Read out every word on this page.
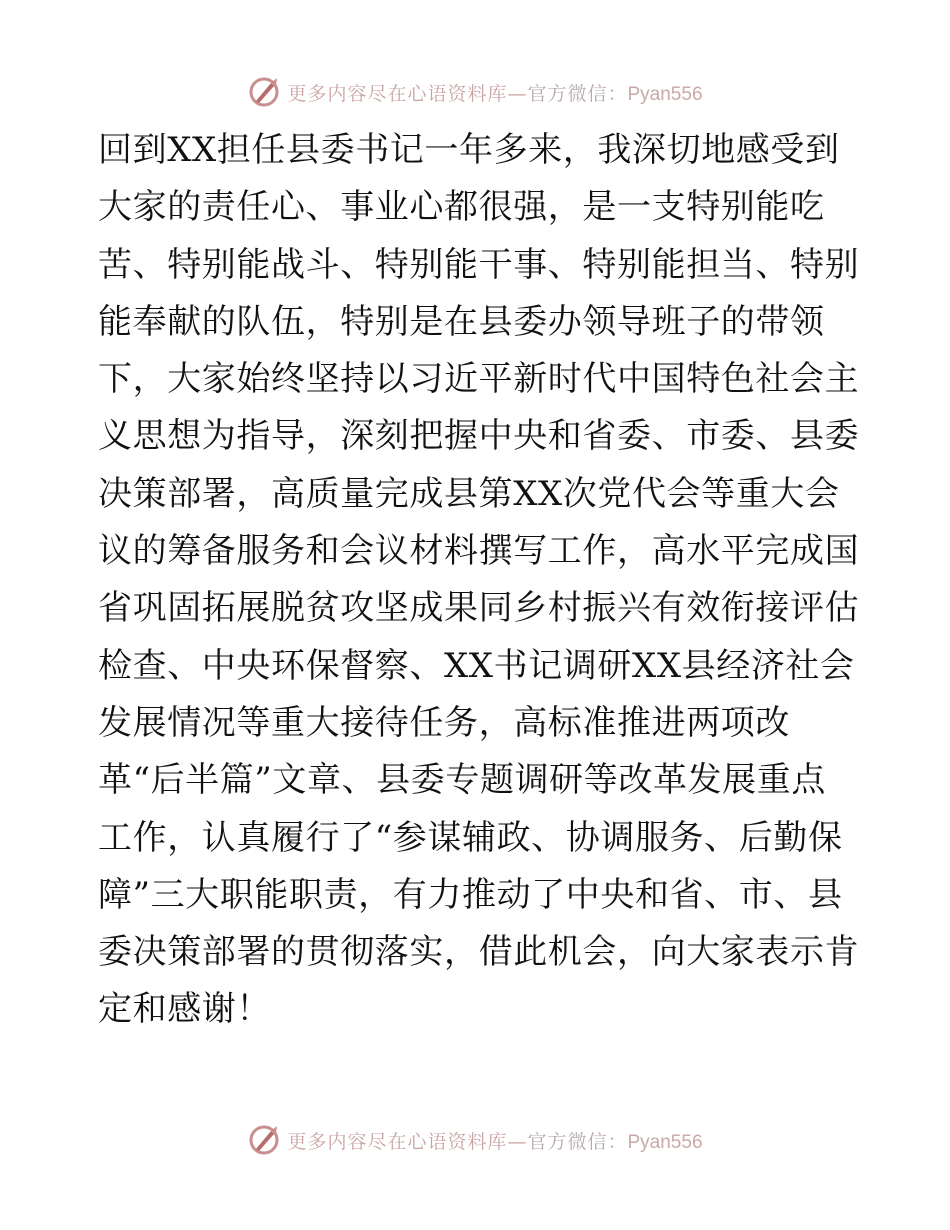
更多内容尽在心语资料库—官方微信：Pyan556
回到XX担任县委书记一年多来，我深切地感受到
大家的责任心、事业心都很强，是一支特别能吃
苦、特别能战斗、特别能干事、特别能担当、特别
能奉献的队伍，特别是在县委办领导班子的带领
下，大家始终坚持以习近平新时代中国特色社会主
义思想为指导，深刻把握中央和省委、市委、县委
决策部署，高质量完成县第XX次党代会等重大会
议的筹备服务和会议材料撰写工作，高水平完成国
省巩固拓展脱贫攻坚成果同乡村振兴有效衔接评估
检查、中央环保督察、XX书记调研XX县经济社会
发展情况等重大接待任务，高标准推进两项改
革“后半篇”文章、县委专题调研等改革发展重点
工作，认真履行了“参谋辅政、协调服务、后勤保
障”三大职能职责，有力推动了中央和省、市、县
委决策部署的贯彻落实，借此机会，向大家表示肯
定和感谢！
更多内容尽在心语资料库—官方微信：Pyan556
